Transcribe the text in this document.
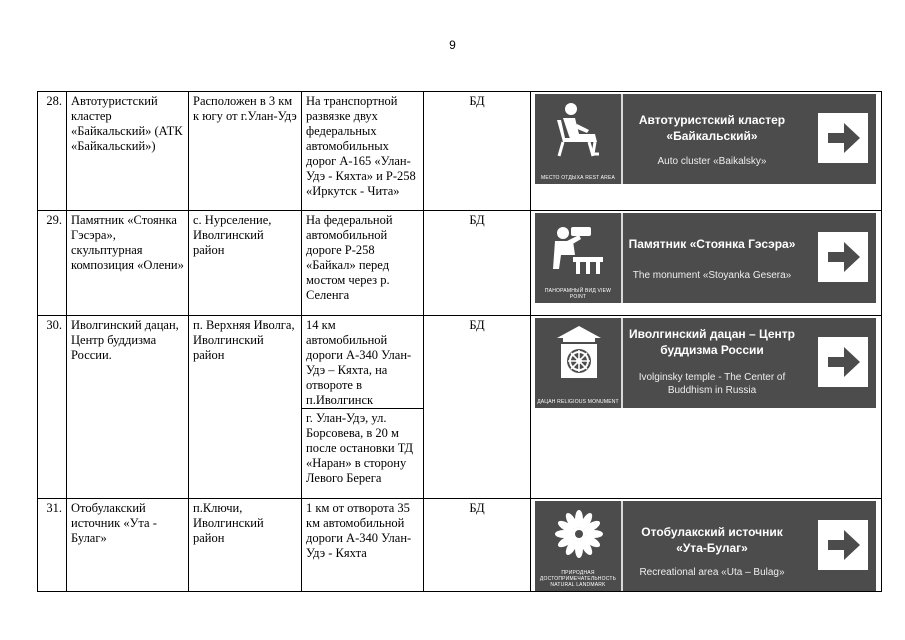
9
28.	Автотуристский кластер «Байкальский» (АТК «Байкальский»)	Расположен в 3 км к югу от г.Улан-Удэ	На транспортной развязке двух федеральных автомобильных дорог А-165 «Улан-Удэ - Кяхта» и Р-258 «Иркутск - Чита»	БД	МЕСТО ОТДЫХА REST AREA
Автотуристский кластер «Байкальский»
Auto cluster «Baikalsky»

29.	Памятник «Стоянка Гэсэра», скульптурная композиция «Олени»	с. Нурселение, Иволгинский район	На федеральной автомобильной дороге Р-258 «Байкал» перед мостом через р. Селенга	БД	ПАНОРАМНЫЙ ВИД VIEW POINT
Памятник «Стоянка Гэсэра»
The monument «Stoyanka Gesera»

30.	Иволгинский дацан, Центр буддизма России.	п. Верхняя Иволга, Иволгинский район	14 км автомобильной дороги А-340 Улан-Удэ – Кяхта, на отвороте в п.Иволгинск	БД	ДАЦАН RELIGIOUS MONUMENT
Иволгинский дацан – Центр буддизма России
Ivolginsky temple - The Center of Buddhism in Russia

			г. Улан-Удэ, ул. Борсовева, в 20 м после остановки ТД «Наран» в сторону Левого Берега		
31.	Отобулакский источник «Ута - Булаг»	п.Ключи, Иволгинский район	1 км от отворота 35 км автомобильной дороги А-340 Улан-Удэ - Кяхта	БД	ПРИРОДНАЯ ДОСТОПРИМЕЧАТЕЛЬНОСТЬ NATURAL LANDMARK
Отобулакский источник «Ута-Булаг»
Recreational area «Uta – Bulag»
